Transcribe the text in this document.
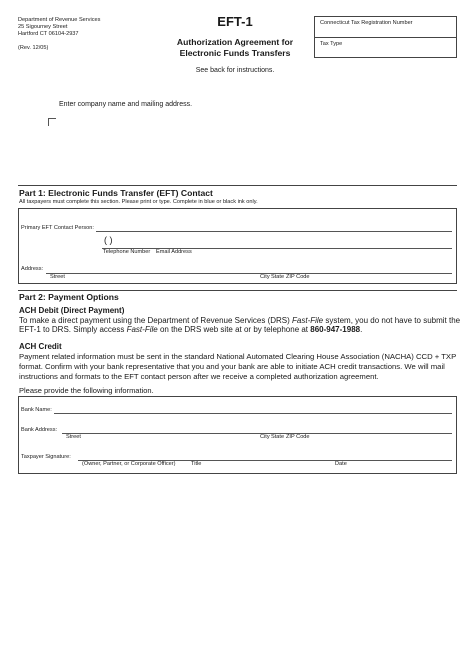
Department of Revenue Services
25 Sigourney Street
Hartford CT 06104-2937
(Rev. 12/05)
EFT-1
Authorization Agreement for
Electronic Funds Transfers
See back for instructions.
Connecticut Tax Registration Number
Tax Type
Enter company name and mailing address.
Part 1: Electronic Funds Transfer (EFT) Contact
All taxpayers must complete this section. Please print or type. Complete in blue or black ink only.
Primary EFT Contact Person:
( )
Telephone Number Email Address
Address:
Street	City State ZIP Code
Part 2: Payment Options
ACH Debit (Direct Payment)
To make a direct payment using the Department of Revenue Services (DRS) Fast-File system, you do not have to submit the
EFT-1 to DRS. Simply access Fast-File on the DRS web site at or by telephone at 860-947-1988.
ACH Credit
Payment related information must be sent in the standard National Automated Clearing House Association (NACHA) CCD + TXP
format. Confirm with your bank representative that you and your bank are able to initiate ACH credit transactions. We will mail
instructions and formats to the EFT contact person after we receive a completed authorization agreement.
Please provide the following information.
Bank Name:
Bank Address:
Street	City State ZIP Code
Taxpayer Signature:
(Owner, Partner, or Corporate Officer)	Title	Date
